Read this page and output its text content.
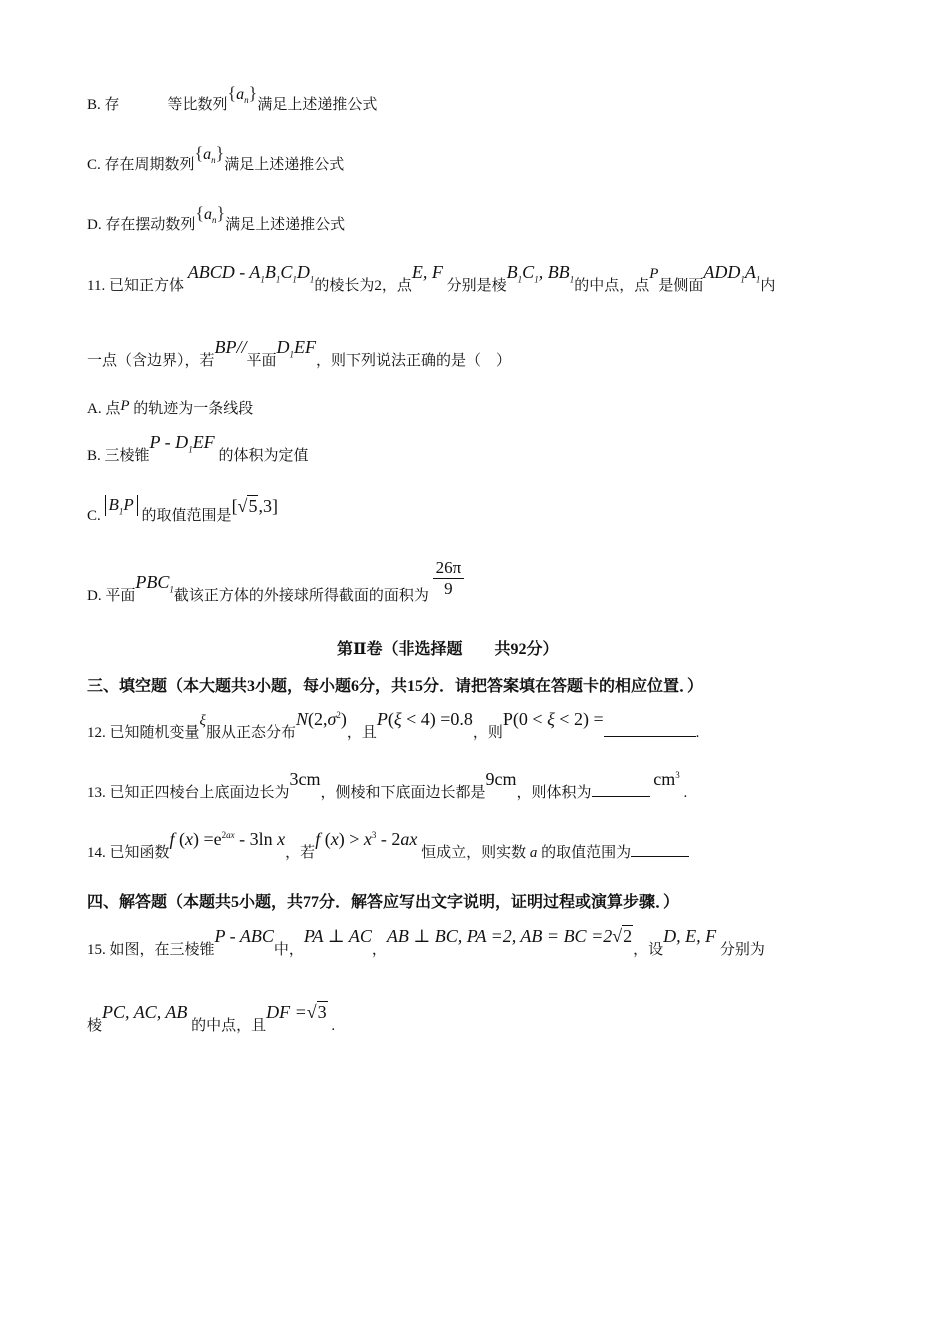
B. 存	等比数列$\{a_n\}$满足上述递推公式
C. 存在周期数列$\{a_n\}$满足上述递推公式
D. 存在摆动数列$\{a_n\}$满足上述递推公式
11. 已知正方体 ABCD - $A_1B_1C_1D_1$的棱长为2，点E, F 分别是棱$B_1C_1$, $BB_1$的中点，点P是侧面$ADD_1A_1$内
一点（含边界），若BP//平面$D_1EF$，则下列说法正确的是（　）
A. 点P 的轨迹为一条线段
B. 三棱锥P - $D_1EF$ 的体积为定值
C. $B_1P$ 的取值范围是[√5,3]
D. 平面$PBC_1$截该正方体的外接球所得截面的面积为 $\frac{26\pi}{9}$
第Ⅱ卷（非选择题　　共92分）
三、填空题（本大题共3小题，每小题6分，共15分．请把答案填在答题卡的相应位置．）
12. 已知随机变量ξ服从正态分布$N(2,\sigma^2)$，且P(ξ < 4) =0.8，则P(0 < ξ < 2) =.
13. 已知正四棱台上底面边长为3cm，侧棱和下底面边长都是9cm，则体积为 $cm^3$ .
14. 已知函数f $(x) =e^{2ax} - 3\ln$ x，若f $(x) > x^3 - 2ax$ 恒成立，则实数 a 的取值范围为
四、解答题（本题共5小题，共77分．解答应写出文字说明，证明过程或演算步骤．）
15. 如图，在三棱锥P - ABC中，PA ⊥ AC，AB ⊥ BC, PA =2, AB = BC =2√2，设D, E, F 分别为
棱PC, AC, AB 的中点，且DF =√3 .
